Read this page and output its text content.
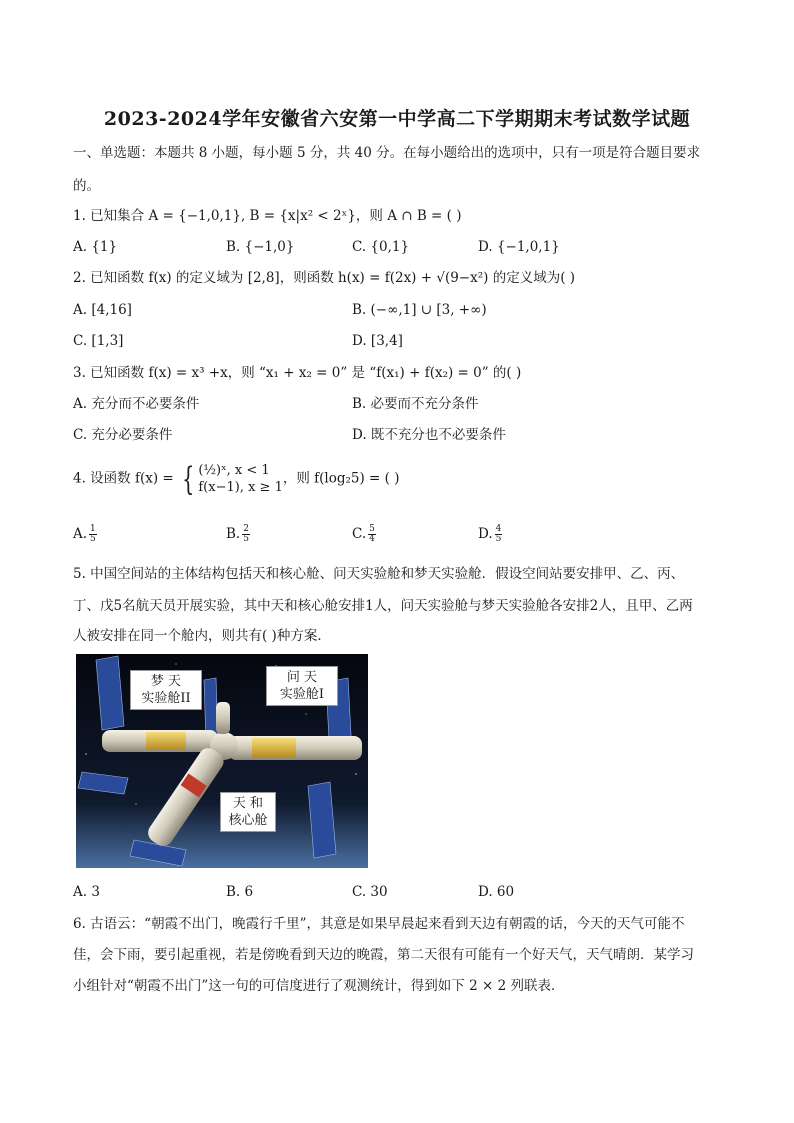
2023-2024学年安徽省六安第一中学高二下学期期末考试数学试题
一、单选题：本题共 8 小题，每小题 5 分，共 40 分。在每小题给出的选项中，只有一项是符合题目要求
的。
1. 已知集合 A = {−1,0,1}, B = {x|x² < 2ˣ}，则 A ∩ B = ( )
A. {1}	B. {−1,0}	C. {0,1}	D. {−1,0,1}
2. 已知函数 f(x) 的定义域为 [2,8]，则函数 h(x) = f(2x) + √(9−x²) 的定义域为( )
A. [4,16]	B. (−∞,1] ∪ [3, +∞)
C. [1,3]	D. [3,4]
3. 已知函数 f(x) = x³ +x，则 “x₁ + x₂ = 0” 是 “f(x₁) + f(x₂) = 0” 的( )
A. 充分而不必要条件	B. 必要而不充分条件
C. 充分必要条件	D. 既不充分也不必要条件
4. 设函数 f(x) = { (½)ˣ, x < 1
f(x−1), x ≥ 1
，则 f(log₂5) = ( )
A. $\frac{1}{5}$	B. $\frac{2}{5}$	C. $\frac{5}{4}$	D. $\frac{4}{5}$
5. 中国空间站的主体结构包括天和核心舱、问天实验舱和梦天实验舱．假设空间站要安排甲、乙、丙、
丁、戊5名航天员开展实验，其中天和核心舱安排1人，问天实验舱与梦天实验舱各安排2人，且甲、乙两
人被安排在同一个舱内，则共有( )种方案．
梦 天
实验舱II
问 天
实验舱I
天 和
核心舱
A. 3	B. 6	C. 30	D. 60
6. 古语云：“朝霞不出门，晚霞行千里”，其意是如果早晨起来看到天边有朝霞的话，今天的天气可能不
佳，会下雨，要引起重视，若是傍晚看到天边的晚霞，第二天很有可能有一个好天气，天气晴朗．某学习
小组针对“朝霞不出门”这一句的可信度进行了观测统计，得到如下 2 × 2 列联表．
